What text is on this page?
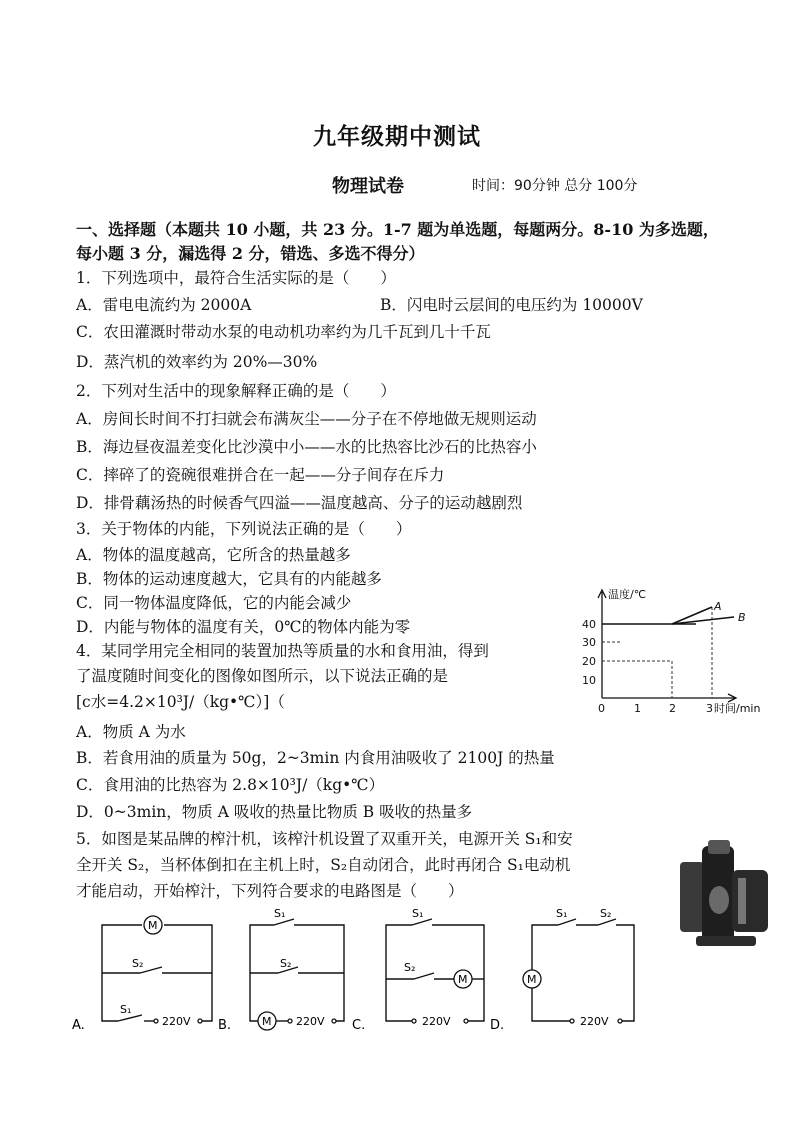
九年级期中测试
物理试卷	时间：90分钟 总分 100分
一、选择题（本题共 10 小题，共 23 分。1-7 题为单选题，每题两分。8-10 为多选题，
每小题 3 分，漏选得 2 分，错选、多选不得分）
1．下列选项中，最符合生活实际的是（　　）
A．雷电电流约为 2000A	B．闪电时云层间的电压约为 10000V
C．农田灌溉时带动水泵的电动机功率约为几千瓦到几十千瓦
D．蒸汽机的效率约为 20%—30%
2．下列对生活中的现象解释正确的是（　　）
A．房间长时间不打扫就会布满灰尘——分子在不停地做无规则运动
B．海边昼夜温差变化比沙漠中小——水的比热容比沙石的比热容小
C．摔碎了的瓷碗很难拼合在一起——分子间存在斥力
D．排骨藕汤热的时候香气四溢——温度越高、分子的运动越剧烈
3．关于物体的内能，下列说法正确的是（　　）
A．物体的温度越高，它所含的热量越多
B．物体的运动速度越大，它具有的内能越多
C．同一物体温度降低，它的内能会减少
D．内能与物体的温度有关，0℃的物体内能为零
4．某同学用完全相同的装置加热等质量的水和食用油，得到
了温度随时间变化的图像如图所示，以下说法正确的是
[c水=4.2×10³J/（kg•℃）]（
A．物质 A 为水
B．若食用油的质量为 50g，2~3min 内食用油吸收了 2100J 的热量
C．食用油的比热容为 2.8×10³J/（kg•℃）
D．0~3min，物质 A 吸收的热量比物质 B 吸收的热量多
温度/℃
10
20
30
40
0	1	2	3 时间/min
A
B
5．如图是某品牌的榨汁机，该榨汁机设置了双重开关，电源开关 S₁和安
全开关 S₂，当杯体倒扣在主机上时，S₂自动闭合，此时再闭合 S₁电动机
才能启动，开始榨汁，下列符合要求的电路图是（　　）
M
S₂
S₁
220V
A.	M
S₁
S₂
220V
B.
M
S₁
S₂
220V
C.
M
S₁	S₂
220V
D.
